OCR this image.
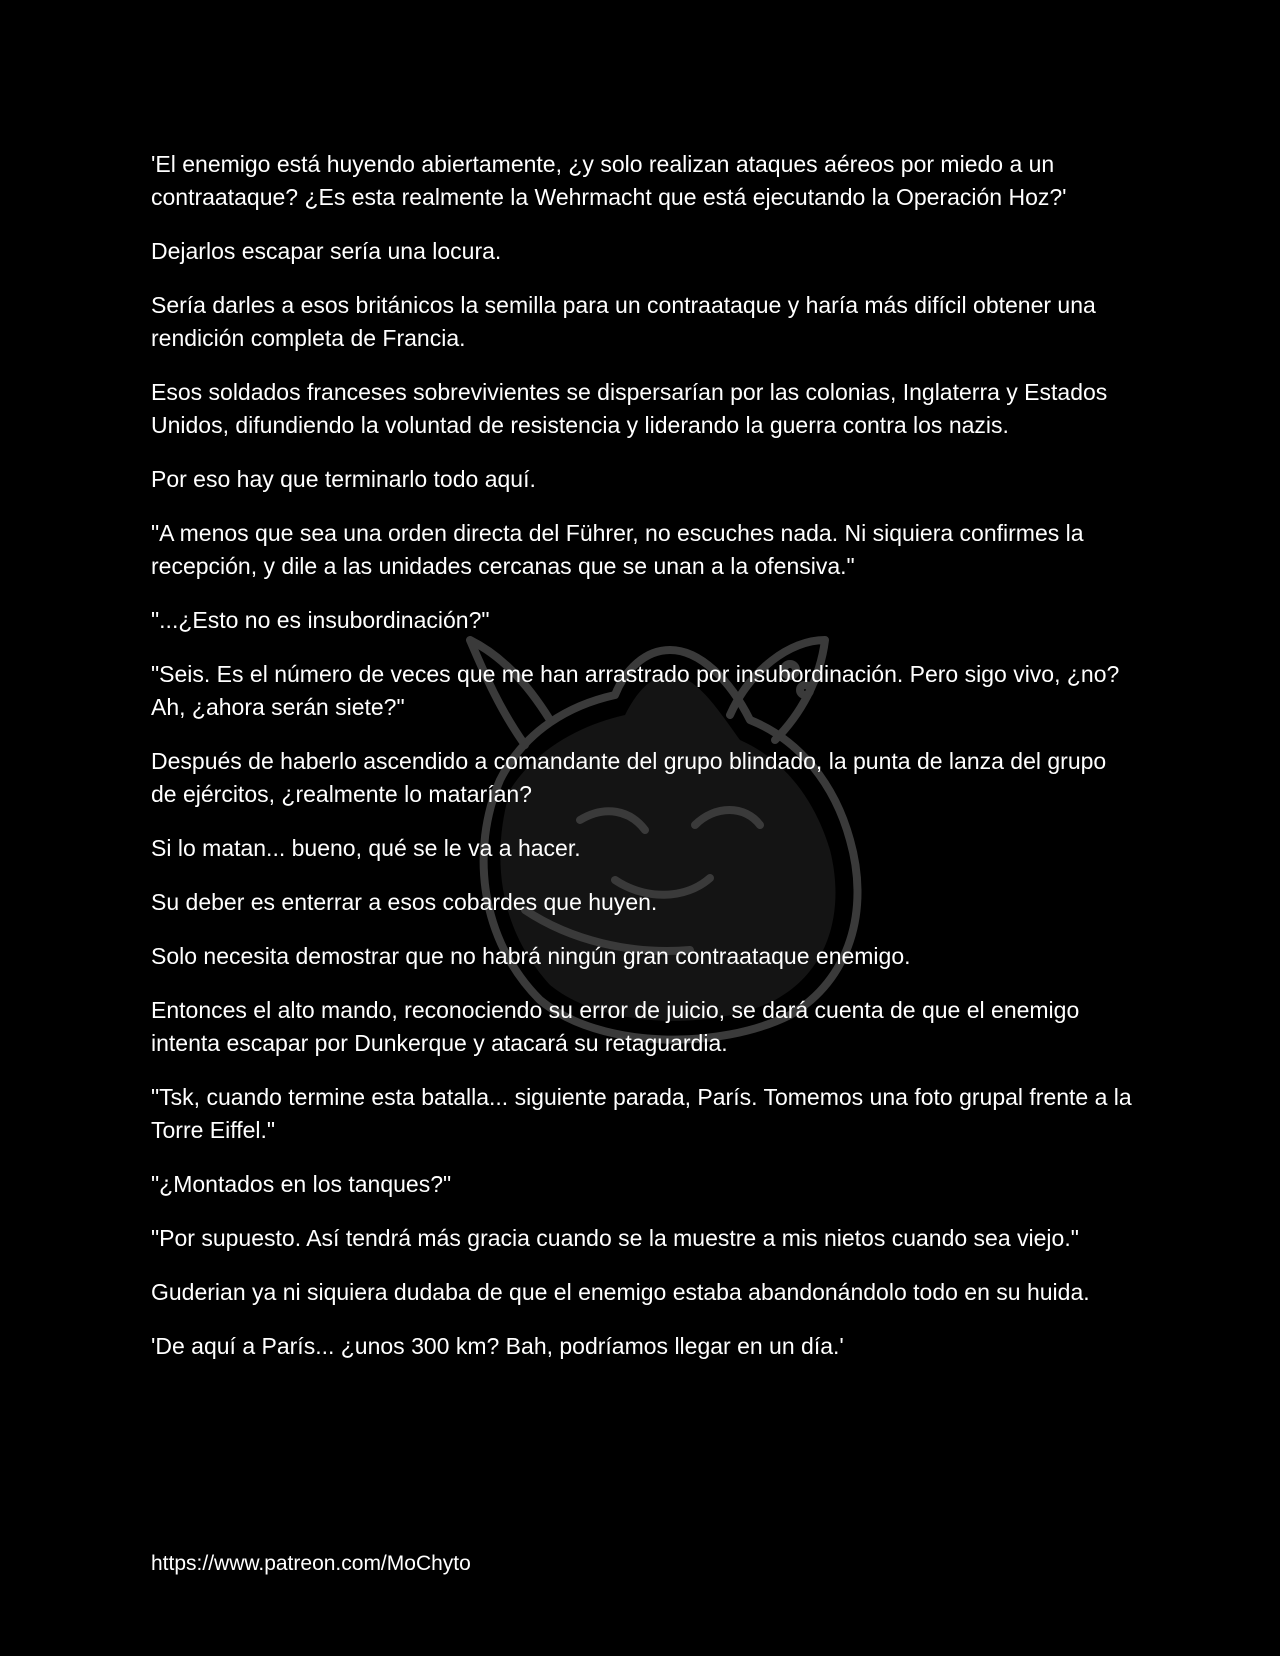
'El enemigo está huyendo abiertamente, ¿y solo realizan ataques aéreos por miedo a un contraataque? ¿Es esta realmente la Wehrmacht que está ejecutando la Operación Hoz?'

Dejarlos escapar sería una locura.

Sería darles a esos británicos la semilla para un contraataque y haría más difícil obtener una rendición completa de Francia.

Esos soldados franceses sobrevivientes se dispersarían por las colonias, Inglaterra y Estados Unidos, difundiendo la voluntad de resistencia y liderando la guerra contra los nazis.

Por eso hay que terminarlo todo aquí.

"A menos que sea una orden directa del Führer, no escuches nada. Ni siquiera confirmes la recepción, y dile a las unidades cercanas que se unan a la ofensiva."

"...¿Esto no es insubordinación?"

"Seis. Es el número de veces que me han arrastrado por insubordinación. Pero sigo vivo, ¿no? Ah, ¿ahora serán siete?"

Después de haberlo ascendido a comandante del grupo blindado, la punta de lanza del grupo de ejércitos, ¿realmente lo matarían?

Si lo matan... bueno, qué se le va a hacer.

Su deber es enterrar a esos cobardes que huyen.

Solo necesita demostrar que no habrá ningún gran contraataque enemigo.

Entonces el alto mando, reconociendo su error de juicio, se dará cuenta de que el enemigo intenta escapar por Dunkerque y atacará su retaguardia.

"Tsk, cuando termine esta batalla... siguiente parada, París. Tomemos una foto grupal frente a la Torre Eiffel."

"¿Montados en los tanques?"

"Por supuesto. Así tendrá más gracia cuando se la muestre a mis nietos cuando sea viejo."

Guderian ya ni siquiera dudaba de que el enemigo estaba abandonándolo todo en su huida.

'De aquí a París... ¿unos 300 km? Bah, podríamos llegar en un día.'

https://www.patreon.com/MoChyto
